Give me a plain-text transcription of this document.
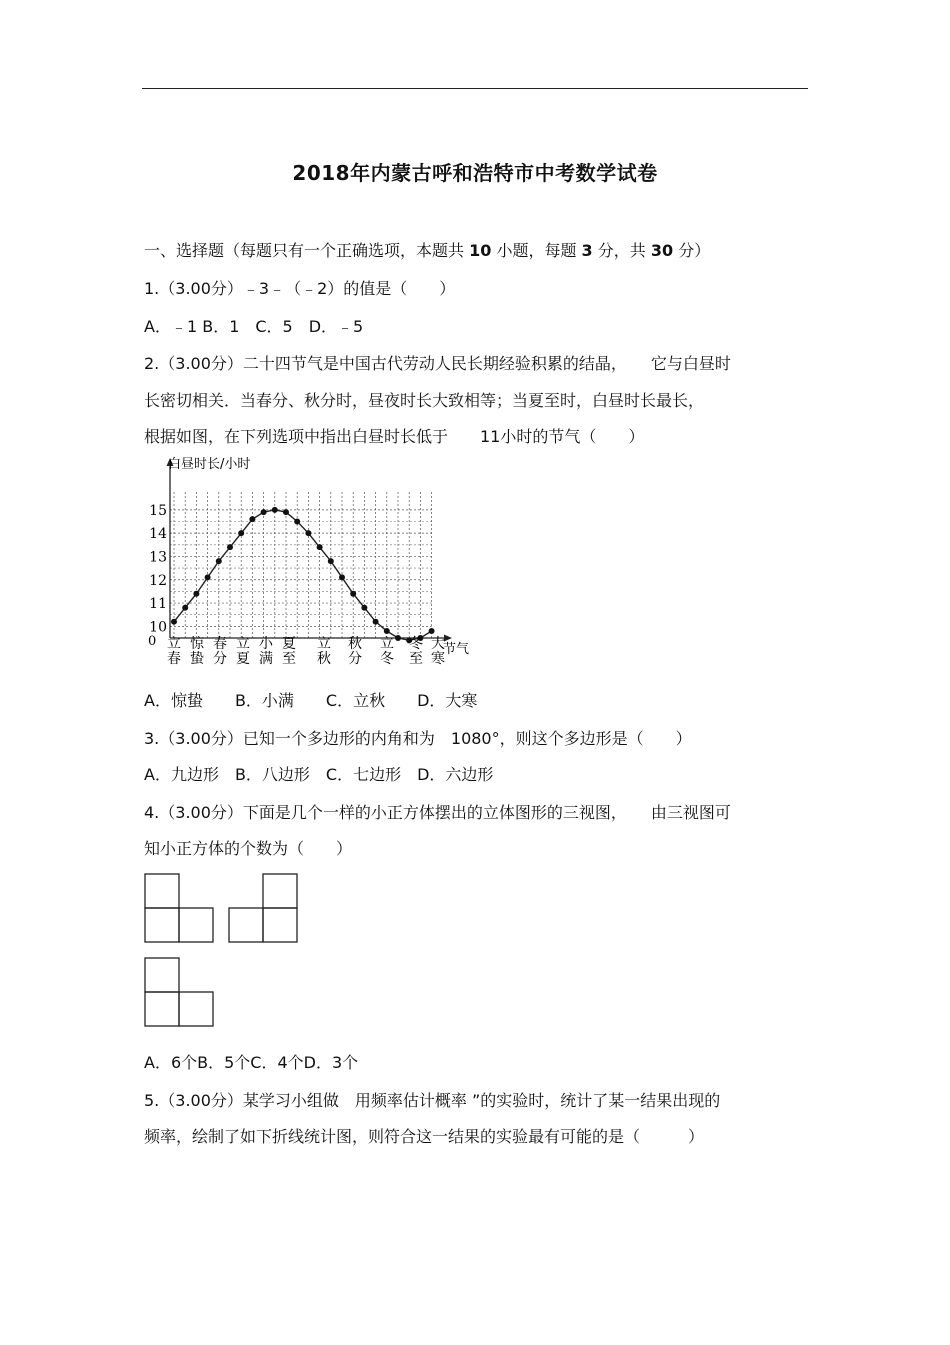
2018年内蒙古呼和浩特市中考数学试卷
一、选择题（每题只有一个正确选项，本题共 10 小题，每题 3 分，共 30 分）
1.（3.00分）﹣3﹣（﹣2）的值是（　　）
A．﹣1 B．1　C．5　D．﹣5
2.（3.00分）二十四节气是中国古代劳动人民长期经验积累的结晶，　　它与白昼时
长密切相关．当春分、秋分时，昼夜时长大致相等；当夏至时，白昼时长最长，
根据如图，在下列选项中指出白昼时长低于　　11小时的节气（　　）
白昼时长/小时
节气
0
10
11
12
13
14
15
立春
惊蛰
春分
立夏
小满
夏至
立秋
秋分
立冬
冬至
大寒
A．惊蛰　　B．小满　　C．立秋　　D．大寒
3.（3.00分）已知一个多边形的内角和为　1080°，则这个多边形是（　　）
A．九边形　B．八边形　C．七边形　D．六边形
4.（3.00分）下面是几个一样的小正方体摆出的立体图形的三视图，　　由三视图可
知小正方体的个数为（　　）
A．6个B．5个C．4个D．3个
5.（3.00分）某学习小组做　用频率估计概率 ”的实验时，统计了某一结果出现的
频率，绘制了如下折线统计图，则符合这一结果的实验最有可能的是（　　　）
